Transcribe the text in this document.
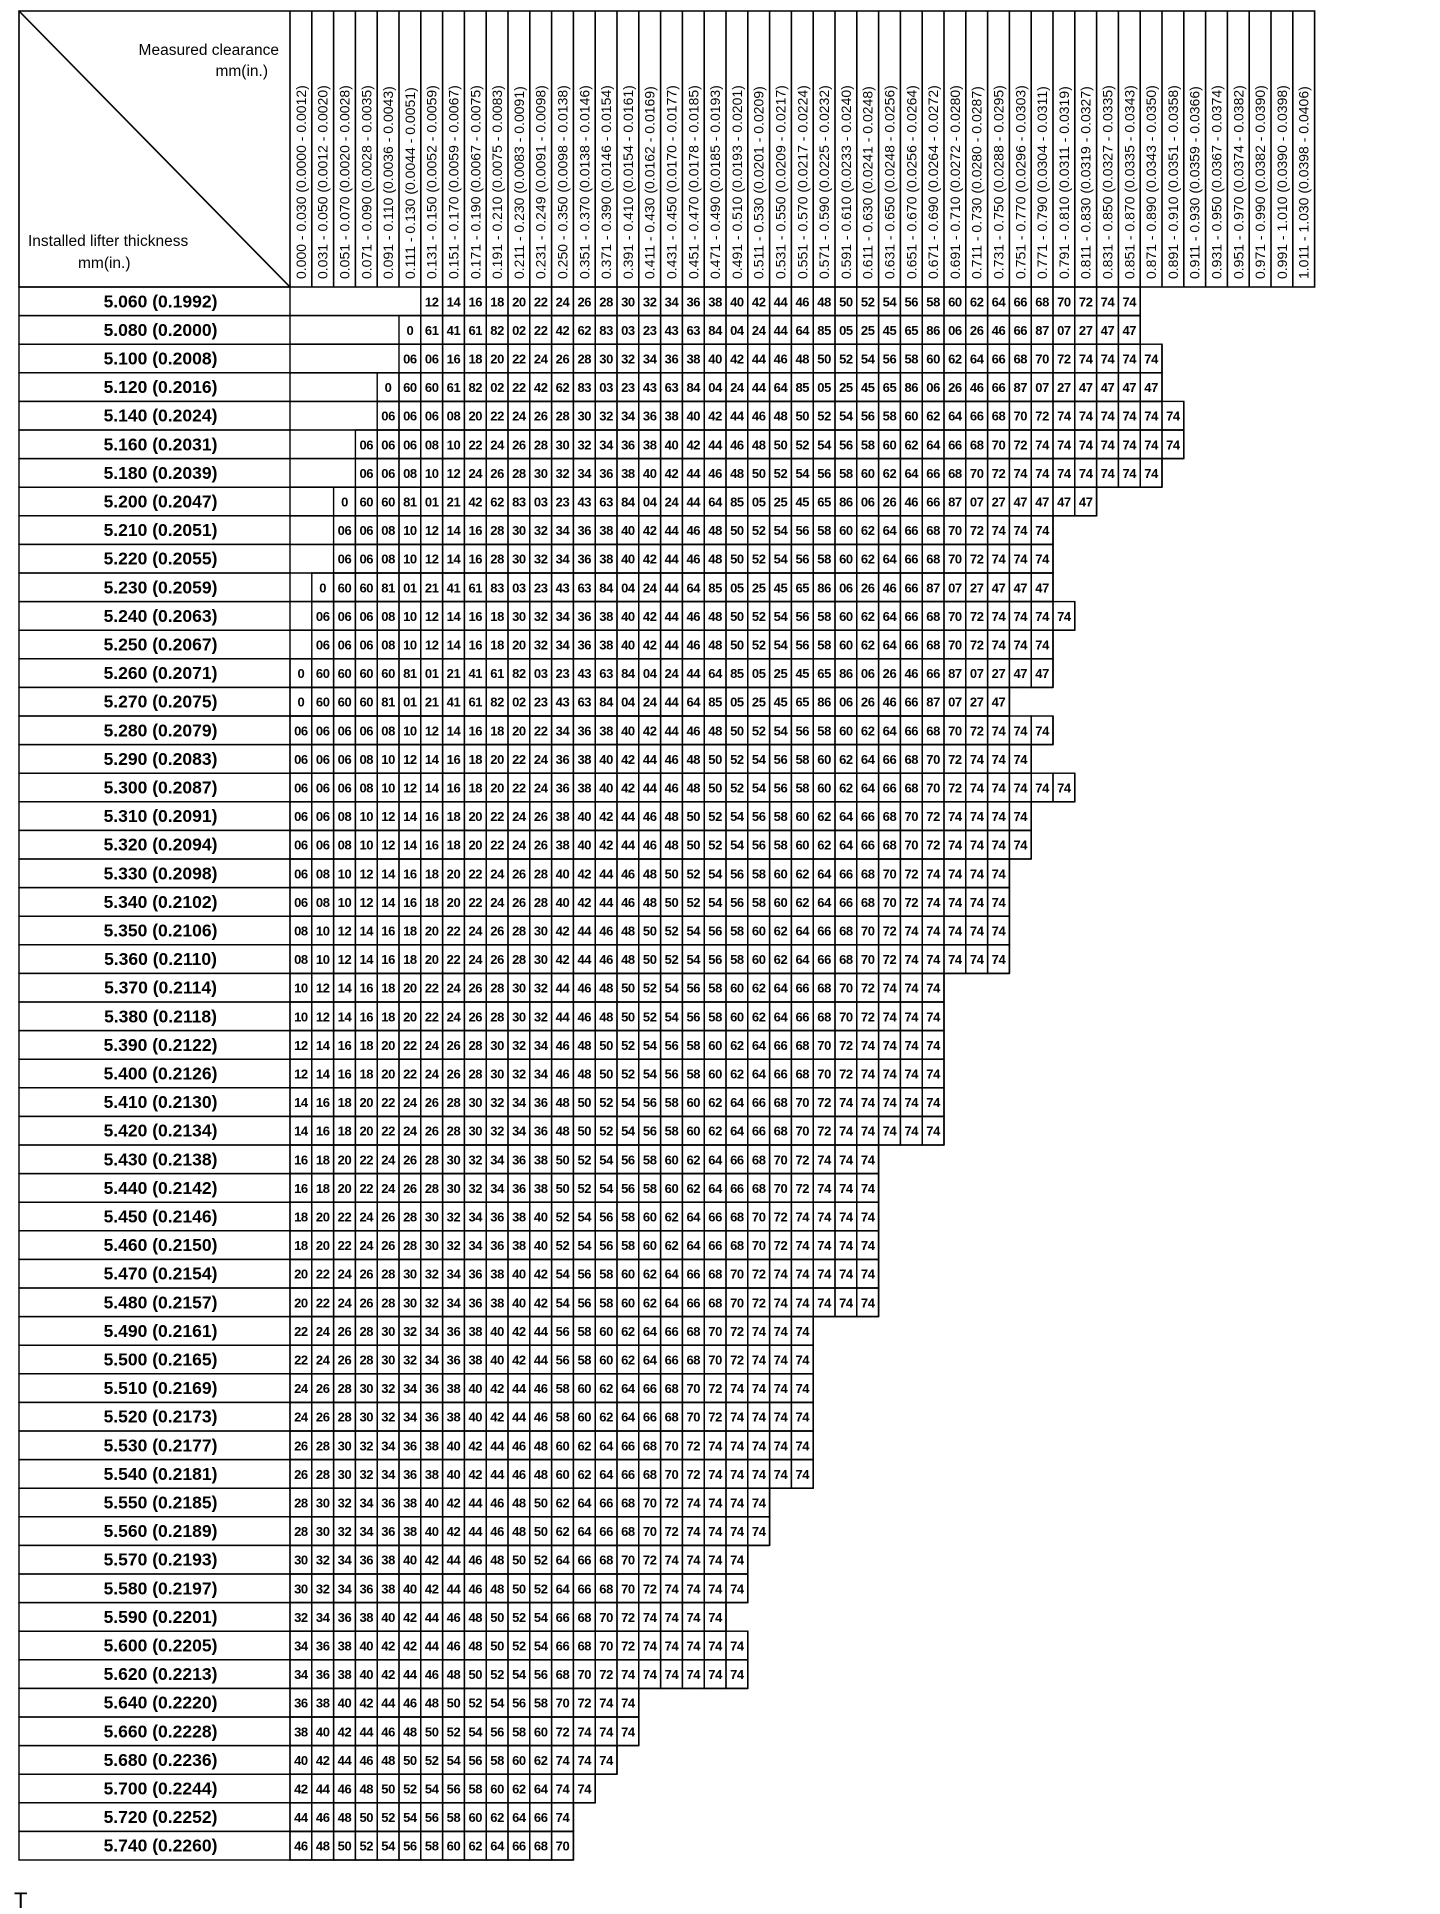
Measured clearance
mm(in.)
Installed lifter thickness
mm(in.)	0.000 - 0.030 (0.0000 - 0.0012) 0.031 - 0.050 (0.0012 - 0.0020) 0.051 - 0.070 (0.0020 - 0.0028) 0.071 - 0.090 (0.0028 - 0.0035) 0.091 - 0.110 (0.0036 - 0.0043) 0.111 - 0.130 (0.0044 - 0.0051) 0.131 - 0.150 (0.0052 - 0.0059) 0.151 - 0.170 (0.0059 - 0.0067) 0.171 - 0.190 (0.0067 - 0.0075) 0.191 - 0.210 (0.0075 - 0.0083) 0.211 - 0.230 (0.0083 - 0.0091) 0.231 - 0.249 (0.0091 - 0.0098) 0.250 - 0.350 (0.0098 - 0.0138) 0.351 - 0.370 (0.0138 - 0.0146) 0.371 - 0.390 (0.0146 - 0.0154) 0.391 - 0.410 (0.0154 - 0.0161) 0.411 - 0.430 (0.0162 - 0.0169) 0.431 - 0.450 (0.0170 - 0.0177) 0.451 - 0.470 (0.0178 - 0.0185) 0.471 - 0.490 (0.0185 - 0.0193) 0.491 - 0.510 (0.0193 - 0.0201) 0.511 - 0.530 (0.0201 - 0.0209) 0.531 - 0.550 (0.0209 - 0.0217) 0.551 - 0.570 (0.0217 - 0.0224) 0.571 - 0.590 (0.0225 - 0.0232) 0.591 - 0.610 (0.0233 - 0.0240) 0.611 - 0.630 (0.0241 - 0.0248) 0.631 - 0.650 (0.0248 - 0.0256) 0.651 - 0.670 (0.0256 - 0.0264) 0.671 - 0.690 (0.0264 - 0.0272) 0.691 - 0.710 (0.0272 - 0.0280) 0.711 - 0.730 (0.0280 - 0.0287) 0.731 - 0.750 (0.0288 - 0.0295) 0.751 - 0.770 (0.0296 - 0.0303) 0.771 - 0.790 (0.0304 - 0.0311) 0.791 - 0.810 (0.0311 - 0.0319) 0.811 - 0.830 (0.0319 - 0.0327) 0.831 - 0.850 (0.0327 - 0.0335) 0.851 - 0.870 (0.0335 - 0.0343) 0.871 - 0.890 (0.0343 - 0.0350) 0.891 - 0.910 (0.0351 - 0.0358) 0.911 - 0.930 (0.0359 - 0.0366) 0.931 - 0.950 (0.0367 - 0.0374) 0.951 - 0.970 (0.0374 - 0.0382) 0.971 - 0.990 (0.0382 - 0.0390) 0.991 - 1.010 (0.0390 - 0.0398) 1.011 - 1.030 (0.0398 - 0.0406)
5.060 (0.1992)
5.080 (0.2000)
5.100 (0.2008)
5.120 (0.2016)
5.140 (0.2024)
5.160 (0.2031)
5.180 (0.2039)
5.200 (0.2047)
5.210 (0.2051)
5.220 (0.2055)
5.230 (0.2059)
5.240 (0.2063)
5.250 (0.2067)
5.260 (0.2071)
5.270 (0.2075)
5.280 (0.2079)
5.290 (0.2083)
5.300 (0.2087)
5.310 (0.2091)
5.320 (0.2094)
5.330 (0.2098)
5.340 (0.2102)
5.350 (0.2106)
5.360 (0.2110)
5.370 (0.2114)
5.380 (0.2118)
5.390 (0.2122)
5.400 (0.2126)
5.410 (0.2130)
5.420 (0.2134)
5.430 (0.2138)
5.440 (0.2142)
5.450 (0.2146)
5.460 (0.2150)
5.470 (0.2154)
5.480 (0.2157)
5.490 (0.2161)
5.500 (0.2165)
5.510 (0.2169)
5.520 (0.2173)
5.530 (0.2177)
5.540 (0.2181)
5.550 (0.2185)
5.560 (0.2189)
5.570 (0.2193)
5.580 (0.2197)
5.590 (0.2201)
5.600 (0.2205)
5.620 (0.2213)
5.640 (0.2220)
5.660 (0.2228)
5.680 (0.2236)
5.700 (0.2244)
5.720 (0.2252)
5.740 (0.2260)
12 14 16 18 20 22 24 26 28 30 32 34 36 38 40 42 44 46 48 50 52 54 56 58 60 62 64 66 68 70 72 74 74
0 61 41 61 82 02 22 42 62 83 03 23 43 63 84 04 24 44 64 85 05 25 45 65 86 06 26 46 66 87 07 27 47 47
06 06 16 18 20 22 24 26 28 30 32 34 36 38 40 42 44 46 48 50 52 54 56 58 60 62 64 66 68 70 72 74 74 74 74
0 60 60 61 82 02 22 42 62 83 03 23 43 63 84 04 24 44 64 85 05 25 45 65 86 06 26 46 66 87 07 27 47 47 47 47
06 06 06 08 20 22 24 26 28 30 32 34 36 38 40 42 44 46 48 50 52 54 56 58 60 62 64 66 68 70 72 74 74 74 74 74 74
06 06 06 08 10 22 24 26 28 30 32 34 36 38 40 42 44 46 48 50 52 54 56 58 60 62 64 66 68 70 72 74 74 74 74 74 74 74
06 06 08 10 12 24 26 28 30 32 34 36 38 40 42 44 46 48 50 52 54 56 58 60 62 64 66 68 70 72 74 74 74 74 74 74 74
0 60 60 81 01 21 42 62 83 03 23 43 63 84 04 24 44 64 85 05 25 45 65 86 06 26 46 66 87 07 27 47 47 47 47
06 06 08 10 12 14 16 28 30 32 34 36 38 40 42 44 46 48 50 52 54 56 58 60 62 64 66 68 70 72 74 74 74
06 06 08 10 12 14 16 28 30 32 34 36 38 40 42 44 46 48 50 52 54 56 58 60 62 64 66 68 70 72 74 74 74
0 60 60 81 01 21 41 61 83 03 23 43 63 84 04 24 44 64 85 05 25 45 65 86 06 26 46 66 87 07 27 47 47 47
06 06 06 08 10 12 14 16 18 30 32 34 36 38 40 42 44 46 48 50 52 54 56 58 60 62 64 66 68 70 72 74 74 74 74
06 06 06 08 10 12 14 16 18 20 32 34 36 38 40 42 44 46 48 50 52 54 56 58 60 62 64 66 68 70 72 74 74 74
0 60 60 60 60 81 01 21 41 61 82 03 23 43 63 84 04 24 44 64 85 05 25 45 65 86 06 26 46 66 87 07 27 47 47
0 60 60 60 81 01 21 41 61 82 02 23 43 63 84 04 24 44 64 85 05 25 45 65 86 06 26 46 66 87 07 27 47
06 06 06 06 08 10 12 14 16 18 20 22 34 36 38 40 42 44 46 48 50 52 54 56 58 60 62 64 66 68 70 72 74 74 74
06 06 06 08 10 12 14 16 18 20 22 24 36 38 40 42 44 46 48 50 52 54 56 58 60 62 64 66 68 70 72 74 74 74
06 06 06 08 10 12 14 16 18 20 22 24 36 38 40 42 44 46 48 50 52 54 56 58 60 62 64 66 68 70 72 74 74 74 74 74
06 06 08 10 12 14 16 18 20 22 24 26 38 40 42 44 46 48 50 52 54 56 58 60 62 64 66 68 70 72 74 74 74 74
06 06 08 10 12 14 16 18 20 22 24 26 38 40 42 44 46 48 50 52 54 56 58 60 62 64 66 68 70 72 74 74 74 74
06 08 10 12 14 16 18 20 22 24 26 28 40 42 44 46 48 50 52 54 56 58 60 62 64 66 68 70 72 74 74 74 74
06 08 10 12 14 16 18 20 22 24 26 28 40 42 44 46 48 50 52 54 56 58 60 62 64 66 68 70 72 74 74 74 74
08 10 12 14 16 18 20 22 24 26 28 30 42 44 46 48 50 52 54 56 58 60 62 64 66 68 70 72 74 74 74 74 74
08 10 12 14 16 18 20 22 24 26 28 30 42 44 46 48 50 52 54 56 58 60 62 64 66 68 70 72 74 74 74 74 74
10 12 14 16 18 20 22 24 26 28 30 32 44 46 48 50 52 54 56 58 60 62 64 66 68 70 72 74 74 74
10 12 14 16 18 20 22 24 26 28 30 32 44 46 48 50 52 54 56 58 60 62 64 66 68 70 72 74 74 74
12 14 16 18 20 22 24 26 28 30 32 34 46 48 50 52 54 56 58 60 62 64 66 68 70 72 74 74 74 74
12 14 16 18 20 22 24 26 28 30 32 34 46 48 50 52 54 56 58 60 62 64 66 68 70 72 74 74 74 74
14 16 18 20 22 24 26 28 30 32 34 36 48 50 52 54 56 58 60 62 64 66 68 70 72 74 74 74 74 74
14 16 18 20 22 24 26 28 30 32 34 36 48 50 52 54 56 58 60 62 64 66 68 70 72 74 74 74 74 74
16 18 20 22 24 26 28 30 32 34 36 38 50 52 54 56 58 60 62 64 66 68 70 72 74 74 74
16 18 20 22 24 26 28 30 32 34 36 38 50 52 54 56 58 60 62 64 66 68 70 72 74 74 74
18 20 22 24 26 28 30 32 34 36 38 40 52 54 56 58 60 62 64 66 68 70 72 74 74 74 74
18 20 22 24 26 28 30 32 34 36 38 40 52 54 56 58 60 62 64 66 68 70 72 74 74 74 74
20 22 24 26 28 30 32 34 36 38 40 42 54 56 58 60 62 64 66 68 70 72 74 74 74 74 74
20 22 24 26 28 30 32 34 36 38 40 42 54 56 58 60 62 64 66 68 70 72 74 74 74 74 74
22 24 26 28 30 32 34 36 38 40 42 44 56 58 60 62 64 66 68 70 72 74 74 74
22 24 26 28 30 32 34 36 38 40 42 44 56 58 60 62 64 66 68 70 72 74 74 74
24 26 28 30 32 34 36 38 40 42 44 46 58 60 62 64 66 68 70 72 74 74 74 74
24 26 28 30 32 34 36 38 40 42 44 46 58 60 62 64 66 68 70 72 74 74 74 74
26 28 30 32 34 36 38 40 42 44 46 48 60 62 64 66 68 70 72 74 74 74 74 74
26 28 30 32 34 36 38 40 42 44 46 48 60 62 64 66 68 70 72 74 74 74 74 74
28 30 32 34 36 38 40 42 44 46 48 50 62 64 66 68 70 72 74 74 74 74
28 30 32 34 36 38 40 42 44 46 48 50 62 64 66 68 70 72 74 74 74 74
30 32 34 36 38 40 42 44 46 48 50 52 64 66 68 70 72 74 74 74 74
30 32 34 36 38 40 42 44 46 48 50 52 64 66 68 70 72 74 74 74 74
32 34 36 38 40 42 44 46 48 50 52 54 66 68 70 72 74 74 74 74
34 36 38 40 42 42 44 46 48 50 52 54 66 68 70 72 74 74 74 74 74
34 36 38 40 42 44 46 48 50 52 54 56 68 70 72 74 74 74 74 74 74
36 38 40 42 44 46 48 50 52 54 56 58 70 72 74 74
38 40 42 44 46 48 50 52 54 56 58 60 72 74 74 74
40 42 44 46 48 50 52 54 56 58 60 62 74 74 74
42 44 46 48 50 52 54 56 58 60 62 64 74 74
44 46 48 50 52 54 56 58 60 62 64 66 74
46 48 50 52 54 56 58 60 62 64 66 68 70
T
